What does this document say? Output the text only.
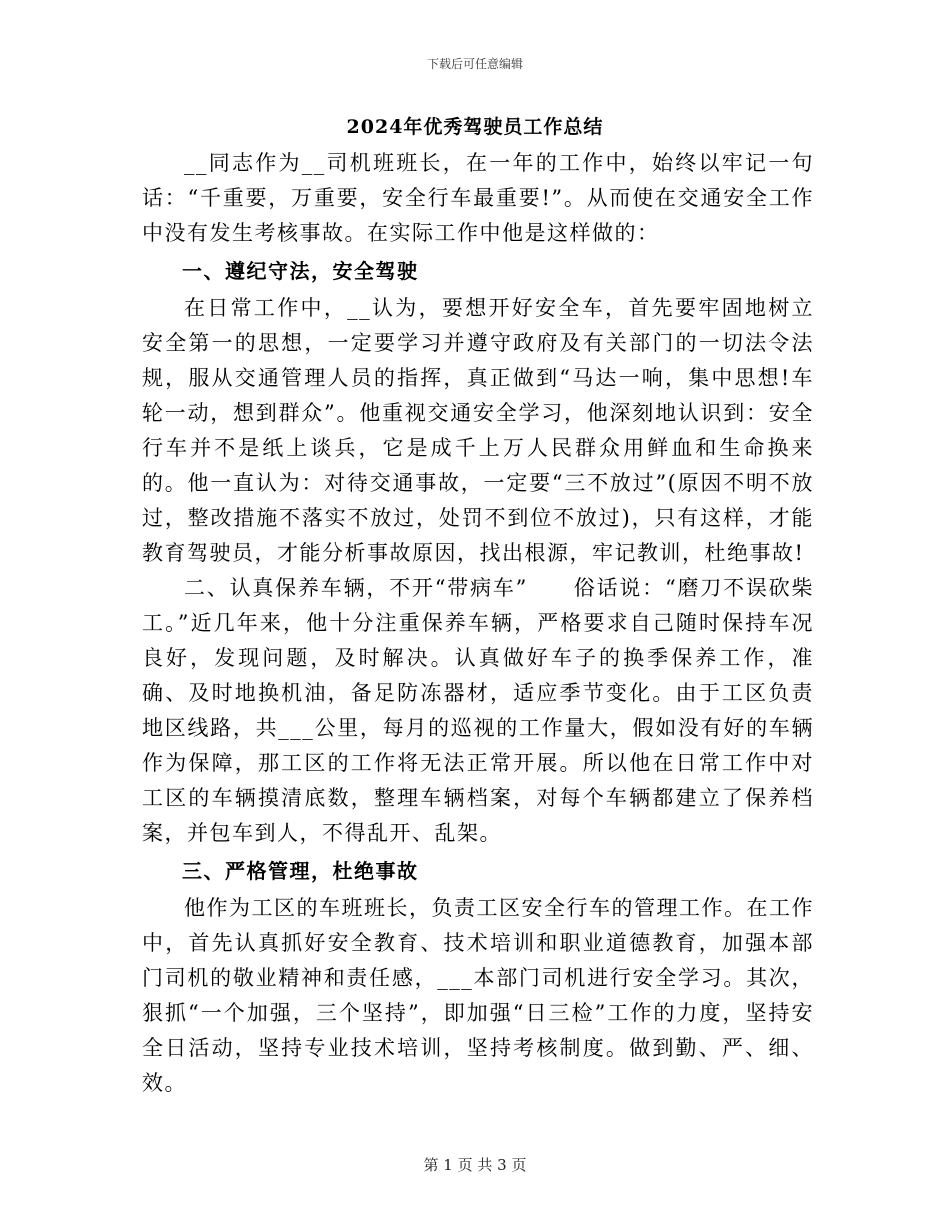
下载后可任意编辑
2024年优秀驾驶员工作总结

__同志作为__司机班班长，在一年的工作中，始终以牢记一句话：“千重要，万重要，安全行车最重要!”。从而使在交通安全工作中没有发生考核事故。在实际工作中他是这样做的：

一、遵纪守法，安全驾驶

在日常工作中，__认为，要想开好安全车，首先要牢固地树立安全第一的思想，一定要学习并遵守政府及有关部门的一切法令法规，服从交通管理人员的指挥，真正做到“马达一响，集中思想!车轮一动，想到群众”。他重视交通安全学习，他深刻地认识到：安全行车并不是纸上谈兵，它是成千上万人民群众用鲜血和生命换来的。他一直认为：对待交通事故，一定要“三不放过”(原因不明不放过，整改措施不落实不放过，处罚不到位不放过)，只有这样，才能教育驾驶员，才能分析事故原因，找出根源，牢记教训，杜绝事故!

二、认真保养车辆，不开“带病车”　　俗话说：“磨刀不误砍柴工。”近几年来，他十分注重保养车辆，严格要求自己随时保持车况良好，发现问题，及时解决。认真做好车子的换季保养工作，准确、及时地换机油，备足防冻器材，适应季节变化。由于工区负责地区线路，共___公里，每月的巡视的工作量大，假如没有好的车辆作为保障，那工区的工作将无法正常开展。所以他在日常工作中对工区的车辆摸清底数，整理车辆档案，对每个车辆都建立了保养档案，并包车到人，不得乱开、乱架。

三、严格管理，杜绝事故

他作为工区的车班班长，负责工区安全行车的管理工作。在工作中，首先认真抓好安全教育、技术培训和职业道德教育，加强本部门司机的敬业精神和责任感，___本部门司机进行安全学习。其次，狠抓“一个加强，三个坚持”，即加强“日三检”工作的力度，坚持安全日活动，坚持专业技术培训，坚持考核制度。做到勤、严、细、效。

第 1 页 共 3 页
